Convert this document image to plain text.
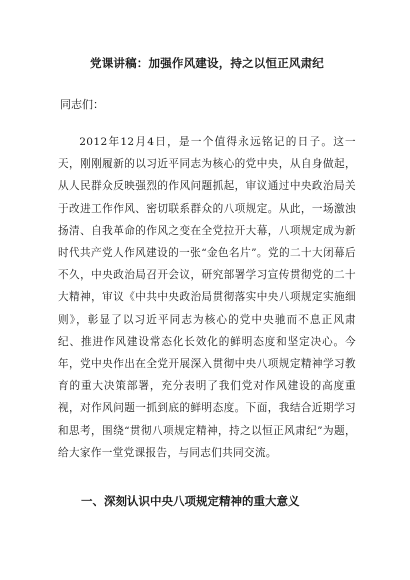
党课讲稿：加强作风建设，持之以恒正风肃纪

同志们：

2012年12月4日，是一个值得永远铭记的日子。这一天，刚刚履新的以习近平同志为核心的党中央，从自身做起，从人民群众反映强烈的作风问题抓起，审议通过中央政治局关于改进工作作风、密切联系群众的八项规定。从此，一场激浊扬清、自我革命的作风之变在全党拉开大幕，八项规定成为新时代共产党人作风建设的一张“金色名片”。党的二十大闭幕后不久，中央政治局召开会议，研究部署学习宣传贯彻党的二十大精神，审议《中共中央政治局贯彻落实中央八项规定实施细则》，彰显了以习近平同志为核心的党中央驰而不息正风肃纪、推进作风建设常态化长效化的鲜明态度和坚定决心。今年，党中央作出在全党开展深入贯彻中央八项规定精神学习教育的重大决策部署，充分表明了我们党对作风建设的高度重视，对作风问题一抓到底的鲜明态度。下面，我结合近期学习和思考，围绕“贯彻八项规定精神，持之以恒正风肃纪”为题，给大家作一堂党课报告，与同志们共同交流。

一、深刻认识中央八项规定精神的重大意义
